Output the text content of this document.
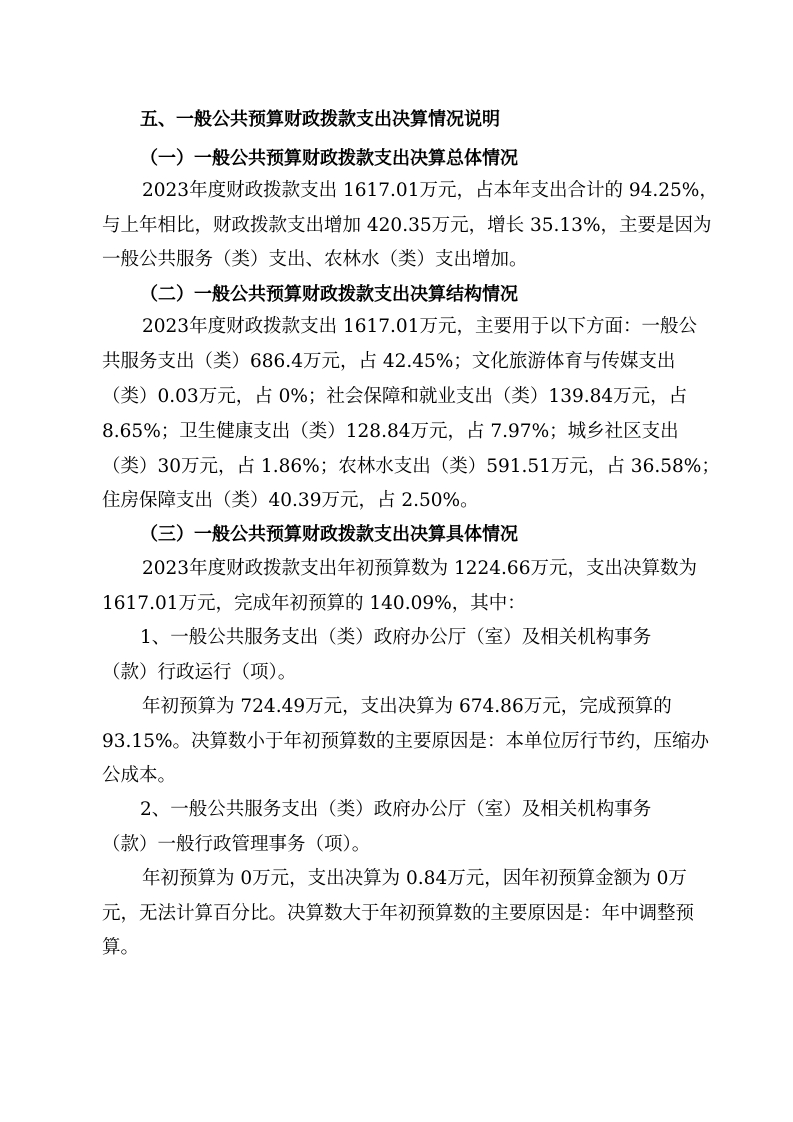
五、一般公共预算财政拨款支出决算情况说明
（一）一般公共预算财政拨款支出决算总体情况
2023年度财政拨款支出 1617.01万元，占本年支出合计的 94.25%，
与上年相比，财政拨款支出增加 420.35万元，增长 35.13%，主要是因为
一般公共服务（类）支出、农林水（类）支出增加。
（二）一般公共预算财政拨款支出决算结构情况
2023年度财政拨款支出 1617.01万元，主要用于以下方面：一般公
共服务支出（类）686.4万元，占 42.45%；文化旅游体育与传媒支出
（类）0.03万元，占 0%；社会保障和就业支出（类）139.84万元，占
8.65%；卫生健康支出（类）128.84万元，占 7.97%；城乡社区支出
（类）30万元，占 1.86%；农林水支出（类）591.51万元，占 36.58%；
住房保障支出（类）40.39万元，占 2.50%。
（三）一般公共预算财政拨款支出决算具体情况
2023年度财政拨款支出年初预算数为 1224.66万元，支出决算数为
1617.01万元，完成年初预算的 140.09%，其中：
1、一般公共服务支出（类）政府办公厅（室）及相关机构事务
（款）行政运行（项）。
年初预算为 724.49万元，支出决算为 674.86万元，完成预算的
93.15%。决算数小于年初预算数的主要原因是：本单位厉行节约，压缩办
公成本。
2、一般公共服务支出（类）政府办公厅（室）及相关机构事务
（款）一般行政管理事务（项）。
年初预算为 0万元，支出决算为 0.84万元，因年初预算金额为 0万
元，无法计算百分比。决算数大于年初预算数的主要原因是：年中调整预
算。
